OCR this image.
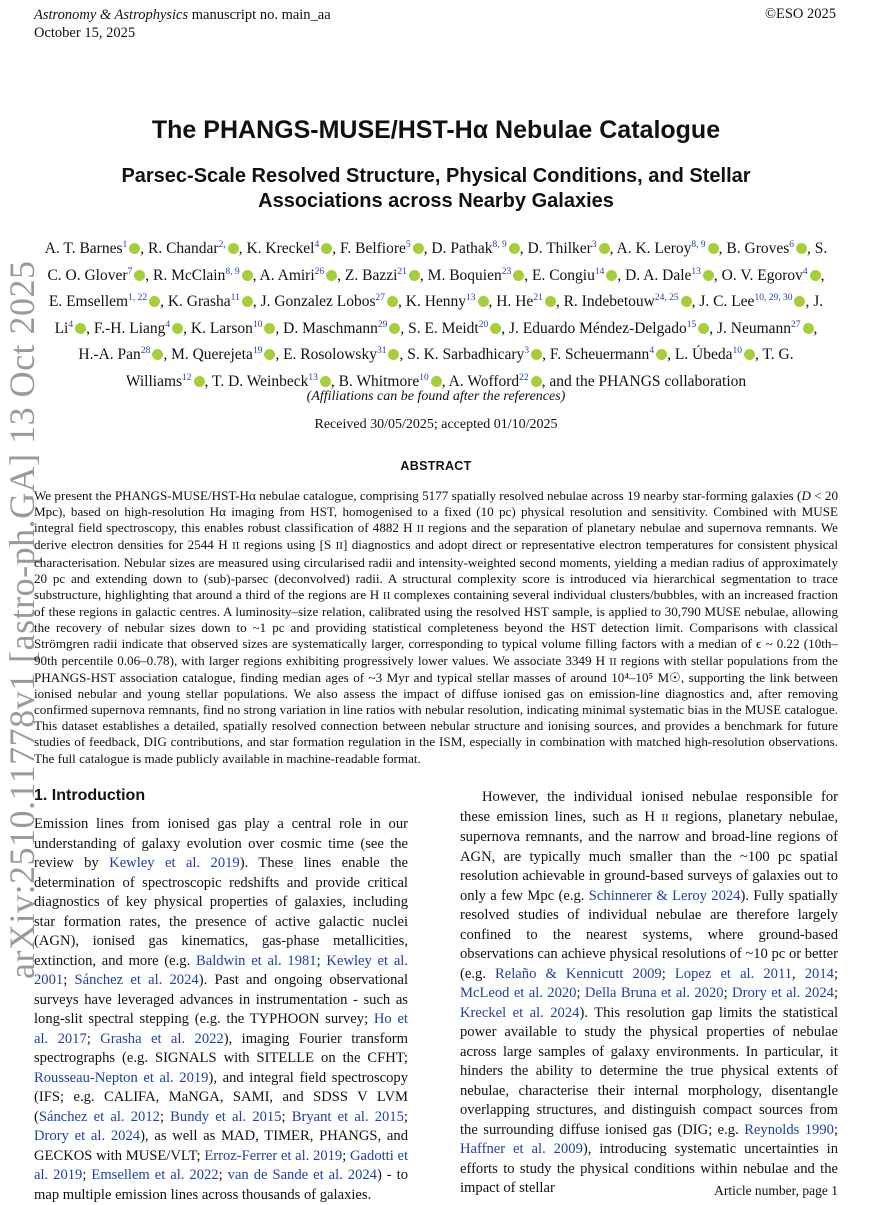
Astronomy & Astrophysics manuscript no. main_aa
October 15, 2025
©ESO 2025
arXiv:2510.11778v1 [astro-ph.GA] 13 Oct 2025
The PHANGS-MUSE/HST-Hα Nebulae Catalogue
Parsec-Scale Resolved Structure, Physical Conditions, and Stellar Associations across Nearby Galaxies
A. T. Barnes$^1$ , R. Chandar$^{2,}$ , K. Kreckel$^4$ , F. Belfiore$^5$ , D. Pathak$^{8, 9}$ , D. Thilker$^3$ , A. K. Leroy$^{8, 9}$ , B. Groves$^6$ , S. C. O. Glover$^7$ , R. McClain$^{8, 9}$ , A. Amiri$^{26}$ , Z. Bazzi$^{21}$ , M. Boquien$^{23}$ , E. Congiu$^{14}$ , D. A. Dale$^{13}$ , O. V. Egorov$^4$ , E. Emsellem$^{1, 22}$ , K. Grasha$^{11}$ , J. Gonzalez Lobos$^{27}$ , K. Henny$^{13}$ , H. He$^{21}$ , R. Indebetouw$^{24, 25}$ , J. C. Lee$^{10, 29, 30}$ , J. Li$^4$ , F.-H. Liang$^4$ , K. Larson$^{10}$ , D. Maschmann$^{29}$ , S. E. Meidt$^{20}$ , J. Eduardo Méndez-Delgado$^{15}$ , J. Neumann$^{27}$ , H.-A. Pan$^{28}$ , M. Querejeta$^{19}$ , E. Rosolowsky$^{31}$ , S. K. Sarbadhicary$^3$ , F. Scheuermann$^4$ , L. Úbeda$^{10}$ , T. G. Williams$^{12}$ , T. D. Weinbeck$^{13}$ , B. Whitmore$^{10}$ , A. Wofford$^{22}$ , and the PHANGS collaboration
(Affiliations can be found after the references)
Received 30/05/2025; accepted 01/10/2025
ABSTRACT
We present the PHANGS-MUSE/HST-Hα nebulae catalogue, comprising 5177 spatially resolved nebulae across 19 nearby star-forming galaxies (D < 20 Mpc), based on high-resolution Hα imaging from HST, homogenised to a fixed (10 pc) physical resolution and sensitivity. Combined with MUSE integral field spectroscopy, this enables robust classification of 4882 H II regions and the separation of planetary nebulae and supernova remnants. We derive electron densities for 2544 H II regions using [S II] diagnostics and adopt direct or representative electron temperatures for consistent physical characterisation. Nebular sizes are measured using circularised radii and intensity-weighted second moments, yielding a median radius of approximately 20 pc and extending down to (sub)-parsec (deconvolved) radii. A structural complexity score is introduced via hierarchical segmentation to trace substructure, highlighting that around a third of the regions are H II complexes containing several individual clusters/bubbles, with an increased fraction of these regions in galactic centres. A luminosity–size relation, calibrated using the resolved HST sample, is applied to 30,790 MUSE nebulae, allowing the recovery of nebular sizes down to ~1 pc and providing statistical completeness beyond the HST detection limit. Comparisons with classical Strömgren radii indicate that observed sizes are systematically larger, corresponding to typical volume filling factors with a median of ϵ ~ 0.22 (10th–90th percentile 0.06–0.78), with larger regions exhibiting progressively lower values. We associate 3349 H II regions with stellar populations from the PHANGS-HST association catalogue, finding median ages of ~3 Myr and typical stellar masses of around 10⁴–10⁵ M☉, supporting the link between ionised nebular and young stellar populations. We also assess the impact of diffuse ionised gas on emission-line diagnostics and, after removing confirmed supernova remnants, find no strong variation in line ratios with nebular resolution, indicating minimal systematic bias in the MUSE catalogue. This dataset establishes a detailed, spatially resolved connection between nebular structure and ionising sources, and provides a benchmark for future studies of feedback, DIG contributions, and star formation regulation in the ISM, especially in combination with matched high-resolution observations. The full catalogue is made publicly available in machine-readable format.
1. Introduction
Emission lines from ionised gas play a central role in our understanding of galaxy evolution over cosmic time (see the review by Kewley et al. 2019). These lines enable the determination of spectroscopic redshifts and provide critical diagnostics of key physical properties of galaxies, including star formation rates, the presence of active galactic nuclei (AGN), ionised gas kinematics, gas-phase metallicities, extinction, and more (e.g. Baldwin et al. 1981; Kewley et al. 2001; Sánchez et al. 2024). Past and ongoing observational surveys have leveraged advances in instrumentation - such as long-slit spectral stepping (e.g. the TYPHOON survey; Ho et al. 2017; Grasha et al. 2022), imaging Fourier transform spectrographs (e.g. SIGNALS with SITELLE on the CFHT; Rousseau-Nepton et al. 2019), and integral field spectroscopy (IFS; e.g. CALIFA, MaNGA, SAMI, and SDSS V LVM (Sánchez et al. 2012; Bundy et al. 2015; Bryant et al. 2015; Drory et al. 2024), as well as MAD, TIMER, PHANGS, and GECKOS with MUSE/VLT; Erroz-Ferrer et al. 2019; Gadotti et al. 2019; Emsellem et al. 2022; van de Sande et al. 2024) - to map multiple emission lines across thousands of galaxies.
However, the individual ionised nebulae responsible for these emission lines, such as H II regions, planetary nebulae, supernova remnants, and the narrow and broad-line regions of AGN, are typically much smaller than the ~100 pc spatial resolution achievable in ground-based surveys of galaxies out to only a few Mpc (e.g. Schinnerer & Leroy 2024). Fully spatially resolved studies of individual nebulae are therefore largely confined to the nearest systems, where ground-based observations can achieve physical resolutions of ~10 pc or better (e.g. Relaño & Kennicutt 2009; Lopez et al. 2011, 2014; McLeod et al. 2020; Della Bruna et al. 2020; Drory et al. 2024; Kreckel et al. 2024). This resolution gap limits the statistical power available to study the physical properties of nebulae across large samples of galaxy environments. In particular, it hinders the ability to determine the true physical extents of nebulae, characterise their internal morphology, disentangle overlapping structures, and distinguish compact sources from the surrounding diffuse ionised gas (DIG; e.g. Reynolds 1990; Haffner et al. 2009), introducing systematic uncertainties in efforts to study the physical conditions within nebulae and the impact of stellar	Article number, page 1
